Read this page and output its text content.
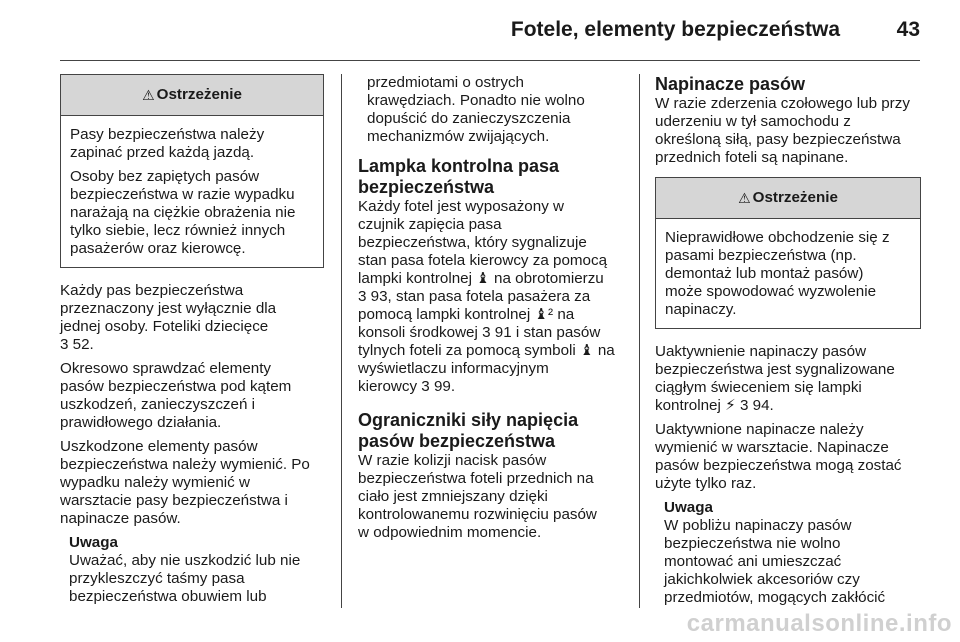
Fotele, elementy bezpieczeństwa	43
⚠ Ostrzeżenie

Pasy bezpieczeństwa należy
zapinać przed każdą jazdą.

Osoby bez zapiętych pasów
bezpieczeństwa w razie wypadku
narażają na ciężkie obrażenia nie
tylko siebie, lecz również innych
pasażerów oraz kierowcę.

Każdy pas bezpieczeństwa
przeznaczony jest wyłącznie dla
jednej osoby. Foteliki dziecięce
3 52.

Okresowo sprawdzać elementy
pasów bezpieczeństwa pod kątem
uszkodzeń, zanieczyszczeń i
prawidłowego działania.

Uszkodzone elementy pasów
bezpieczeństwa należy wymienić. Po
wypadku należy wymienić w
warsztacie pasy bezpieczeństwa i
napinacze pasów.

Uwaga
Uważać, aby nie uszkodzić lub nie
przykleszczyć taśmy pasa
bezpieczeństwa obuwiem lub
przedmiotami o ostrych
krawędziach. Ponadto nie wolno
dopuścić do zanieczyszczenia
mechanizmów zwijających.
Lampka kontrolna pasa
bezpieczeństwa

Każdy fotel jest wyposażony w
czujnik zapięcia pasa
bezpieczeństwa, który sygnalizuje
stan pasa fotela kierowcy za pomocą
lampki kontrolnej ♝ na obrotomierzu
3 93, stan pasa fotela pasażera za
pomocą lampki kontrolnej ♝² na
konsoli środkowej 3 91 i stan pasów
tylnych foteli za pomocą symboli ♝ na
wyświetlaczu informacyjnym
kierowcy 3 99.

Ograniczniki siły napięcia
pasów bezpieczeństwa

W razie kolizji nacisk pasów
bezpieczeństwa foteli przednich na
ciało jest zmniejszany dzięki
kontrolowanemu rozwinięciu pasów
w odpowiednim momencie.

Napinacze pasów

W razie zderzenia czołowego lub przy
uderzeniu w tył samochodu z
określoną siłą, pasy bezpieczeństwa
przednich foteli są napinane.

⚠ Ostrzeżenie

Nieprawidłowe obchodzenie się z
pasami bezpieczeństwa (np.
demontaż lub montaż pasów)
może spowodować wyzwolenie
napinaczy.

Uaktywnienie napinaczy pasów
bezpieczeństwa jest sygnalizowane
ciągłym świeceniem się lampki
kontrolnej ⚡ 3 94.

Uaktywnione napinacze należy
wymienić w warsztacie. Napinacze
pasów bezpieczeństwa mogą zostać
użyte tylko raz.

Uwaga
W pobliżu napinaczy pasów
bezpieczeństwa nie wolno
montować ani umieszczać
jakichkolwiek akcesoriów czy
przedmiotów, mogących zakłócić
carmanualsonline.info
